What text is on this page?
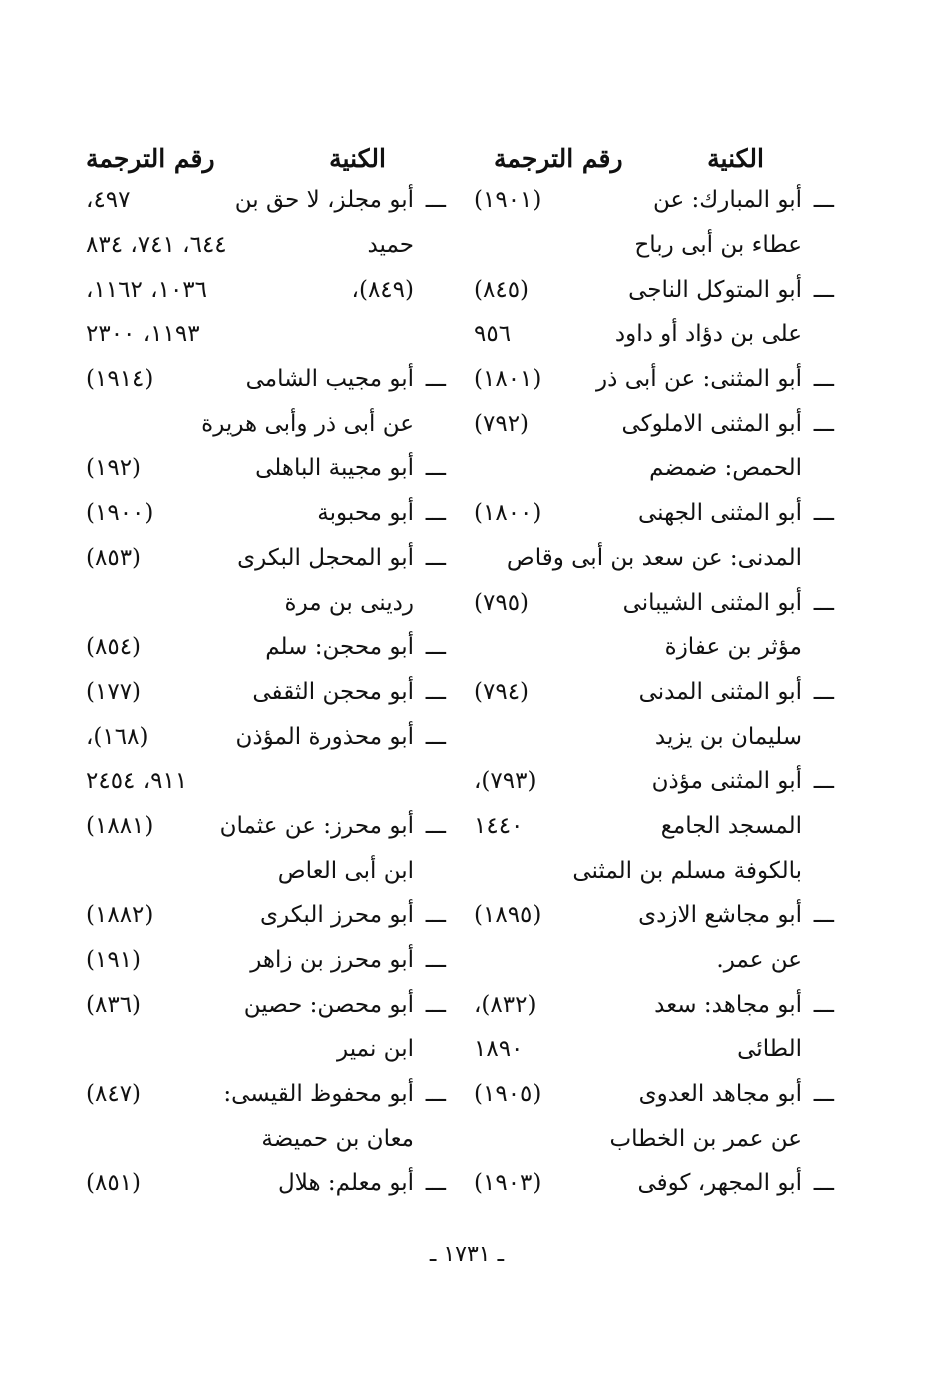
الكنية
رقم الترجمة
ـــ
أبو المبارك: عن
(١٩٠١)
عطاء بن أبى رباح
ـــ
أبو المتوكل الناجى
(٨٤٥)
على بن دؤاد أو داود
٩٥٦
ـــ
أبو المثنى: عن أبى ذر
(١٨٠١)
ـــ
أبو المثنى الاملوكى
(٧٩٢)
الحمص: ضمضم
ـــ
أبو المثنى الجهنى
(١٨٠٠)
المدنى: عن سعد بن أبى وقاص
ـــ
أبو المثنى الشيبانى
(٧٩٥)
مؤثر بن عفازة
ـــ
أبو المثنى المدنى
(٧٩٤)
سليمان بن يزيد
ـــ
أبو المثنى مؤذن
(٧٩٣)،
المسجد الجامع
١٤٤٠
بالكوفة مسلم بن المثنى
ـــ
أبو مجاشع الازدى
(١٨٩٥)
عن عمر.
ـــ
أبو مجاهد: سعد
(٨٣٢)،
الطائى
١٨٩٠
ـــ
أبو مجاهد العدوى
(١٩٠٥)
عن عمر بن الخطاب
ـــ
أبو المجهر، كوفى
(١٩٠٣)
الكنية
رقم الترجمة
ـــ
أبو مجلز، لا حق بن
٤٩٧،
حميد
٦٤٤، ٧٤١، ٨٣٤
(٨٤٩)،
١٠٣٦، ١١٦٢،
١١٩٣، ٢٣٠٠
ـــ
أبو مجيب الشامى
(١٩١٤)
عن أبى ذر وأبى هريرة
ـــ
أبو مجيبة الباهلى
(١٩٢)
ـــ
أبو محبوبة
(١٩٠٠)
ـــ
أبو المحجل البكرى
(٨٥٣)
ردينى بن مرة
ـــ
أبو محجن: سلم
(٨٥٤)
ـــ
أبو محجن الثقفى
(١٧٧)
ـــ
أبو محذورة المؤذن
(١٦٨)،
٩١١، ٢٤٥٤
ـــ
أبو محرز: عن عثمان
(١٨٨١)
ابن أبى العاص
ـــ
أبو محرز البكرى
(١٨٨٢)
ـــ
أبو محرز بن زاهر
(١٩١)
ـــ
أبو محصن: حصين
(٨٣٦)
ابن نمير
ـــ
أبو محفوظ القيسى:
(٨٤٧)
معان بن حميضة
ـــ
أبو معلم: هلال
(٨٥١)
ـ ١٧٣١ ـ
